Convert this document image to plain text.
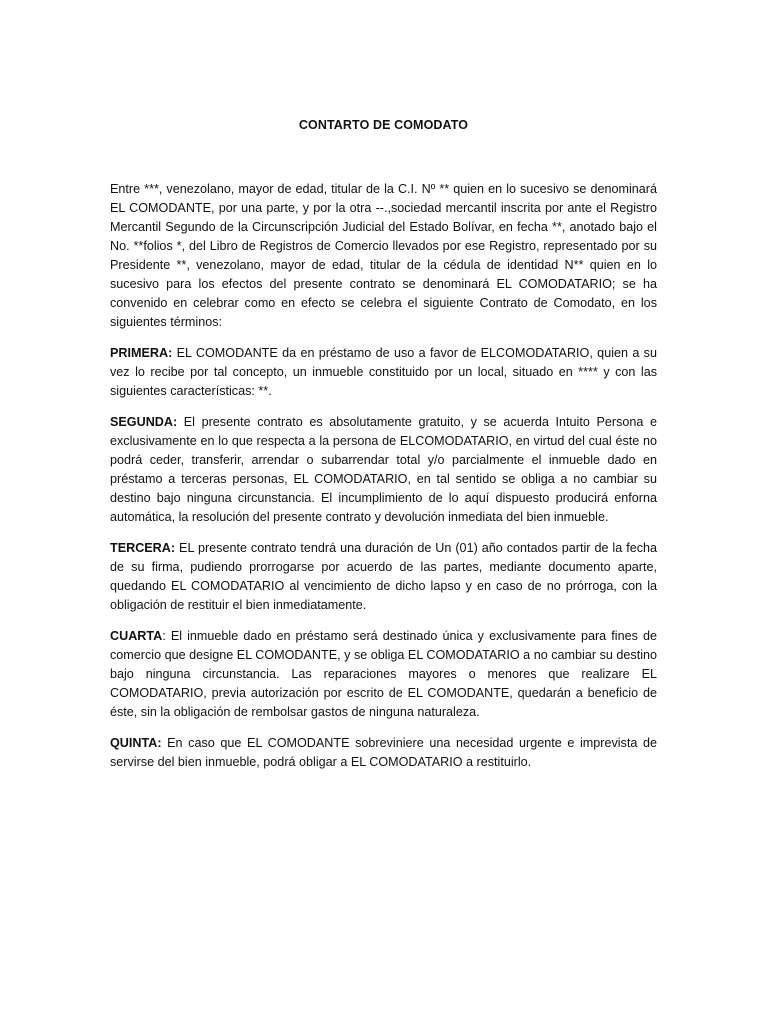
CONTARTO DE COMODATO

Entre ***, venezolano, mayor de edad, titular de la C.I. Nº ** quien en lo sucesivo se denominará EL COMODANTE, por una parte, y por la otra --.,sociedad mercantil inscrita por ante el Registro Mercantil Segundo de la Circunscripción Judicial del Estado Bolívar, en fecha **, anotado bajo el No. **folios *, del Libro de Registros de Comercio llevados por ese Registro, representado por su Presidente **, venezolano, mayor de edad, titular de la cédula de identidad N** quien en lo sucesivo para los efectos del presente contrato se denominará EL COMODATARIO; se ha convenido en celebrar como en efecto se celebra el siguiente Contrato de Comodato, en los siguientes términos:

PRIMERA: EL COMODANTE da en préstamo de uso a favor de ELCOMODATARIO, quien a su vez lo recibe por tal concepto, un inmueble constituido por un local, situado en **** y con las siguientes características: **.

SEGUNDA: El presente contrato es absolutamente gratuito, y se acuerda Intuito Persona e exclusivamente en lo que respecta a la persona de ELCOMODATARIO, en virtud del cual éste no podrá ceder, transferir, arrendar o subarrendar total y/o parcialmente el inmueble dado en préstamo a terceras personas, EL COMODATARIO, en tal sentido se obliga a no cambiar su destino bajo ninguna circunstancia. El incumplimiento de lo aquí dispuesto producirá enforna automática, la resolución del presente contrato y devolución inmediata del bien inmueble.

TERCERA: EL presente contrato tendrá una duración de Un (01) año contados partir de la fecha de su firma, pudiendo prorrogarse por acuerdo de las partes, mediante documento aparte, quedando EL COMODATARIO al vencimiento de dicho lapso y en caso de no prórroga, con la obligación de restituir el bien inmediatamente.

CUARTA: El inmueble dado en préstamo será destinado única y exclusivamente para fines de comercio que designe EL COMODANTE, y se obliga EL COMODATARIO a no cambiar su destino bajo ninguna circunstancia. Las reparaciones mayores o menores que realizare EL COMODATARIO, previa autorización por escrito de EL COMODANTE, quedarán a beneficio de éste, sin la obligación de rembolsar gastos de ninguna naturaleza.

QUINTA: En caso que EL COMODANTE sobreviniere una necesidad urgente e imprevista de servirse del bien inmueble, podrá obligar a EL COMODATARIO a restituirlo.
